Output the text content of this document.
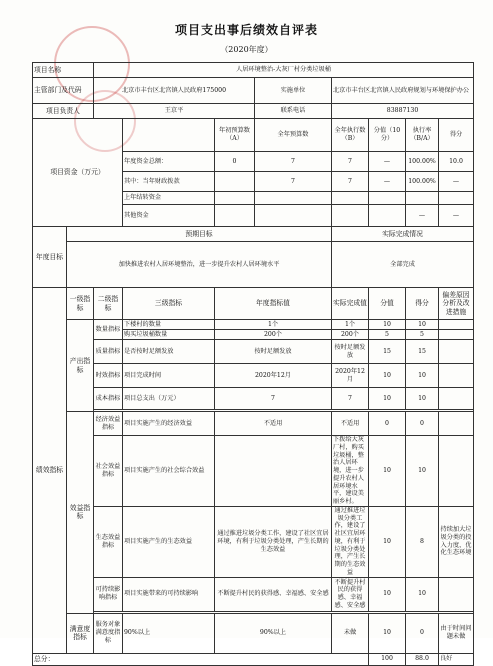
项目支出事后绩效自评表
（2020年度）
项目名称		人居环境整治-大灰厂村分类垃圾桶							
主管部门及代码		北京市丰台区北宫镇人民政府175000			实施单位	北京市丰台区北宫镇人民政府规划与环境保护办公			
项目负责人		王京平			联系电话	83887130			
项目资金（万元）				年初预算数（A）	全年预算数	全年执行数（B）	分值（10分）	执行率（B/A）	得分
			年度资金总额：	0	7	7	—	100.00%	10.0
			其中：当年财政拨款		7	7	—	100.00%	—
			上年结转资金						
			其他资金					—	—
年度目标	预期目标					实际完成情况			
	加快推进农村人居环境整治，进一步提升农村人居环境水平					全部完成			
绩效指标	一级指标	二级指标	三级指标	年度指标值		实际完成值	分值	得分	偏差原因分析及改进措施
	产出指标	数量指标	下楼村的数量	1个		1个	10	10	
			购买垃圾桶数量	200个		200个	5	5	
		质量指标	是否按时足额发放	按时足额发放		按时足额发放	15	15	
		时效指标	项目完成时间	2020年12月		2020年12月	10	10	
		成本指标	项目总支出（万元）	7		7	10	10	

	效益指标	经济效益指标	项目实施产生的经济效益	不适用		不适用	0	0	
		社会效益指标	项目实施产生的社会综合效益			下拨给大灰厂村，购买垃圾桶，整治人居环境，进一步提升农村人居环境水平，建设美丽乡村。	10	10	
		生态效益指标	项目实施产生的生态效益	通过推进垃圾分类工作，建设了社区宜居环境，有利于垃圾分类处理，产生长期的生态效益		通过推进垃圾分类工作，建设了社区宜居环境，有利于垃圾分类处理，产生长期的生态效益	10	8	持续加大垃圾分类的投入力度，优化生态环境
		可持续影响指标	项目实施带来的可持续影响	不断提升村民的获得感、幸福感、安全感		不断提升村民的获得感、幸福感、安全感	10	10	

	满意度指标	服务对象满意度指标	90%以上	90%以上		未做	10	0	由于时间问题未做
总分：							100	88.0	良好
